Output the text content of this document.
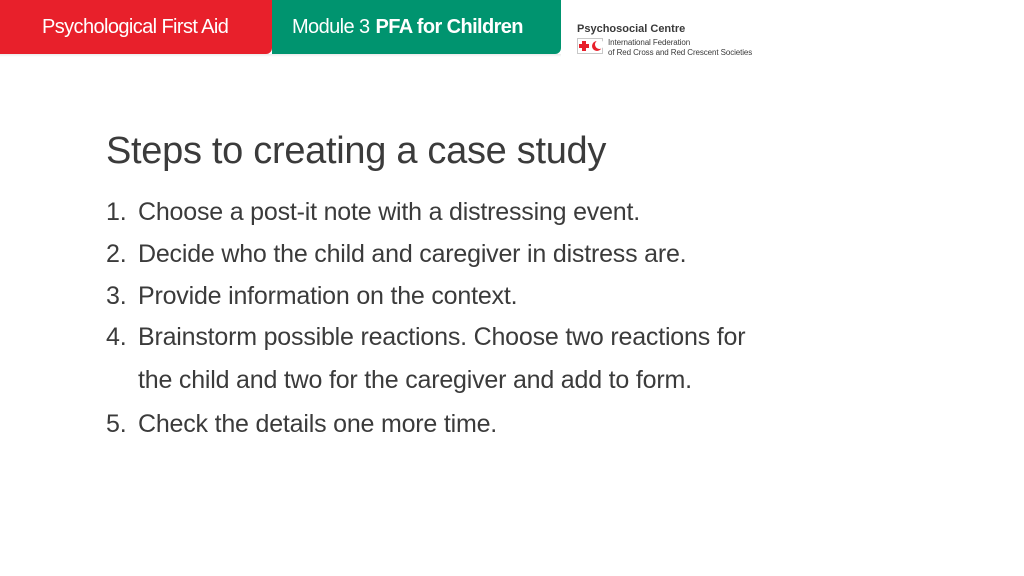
Psychological First Aid	Module 3 PFA for Children	Psychosocial Centre
International Federation
of Red Cross and Red Crescent Societies
Steps to creating a case study
1. Choose a post-it note with a distressing event.
2. Decide who the child and caregiver in distress are.
3. Provide information on the context.
4. Brainstorm possible reactions. Choose two reactions for
the child and two for the caregiver and add to form.
5. Check the details one more time.
